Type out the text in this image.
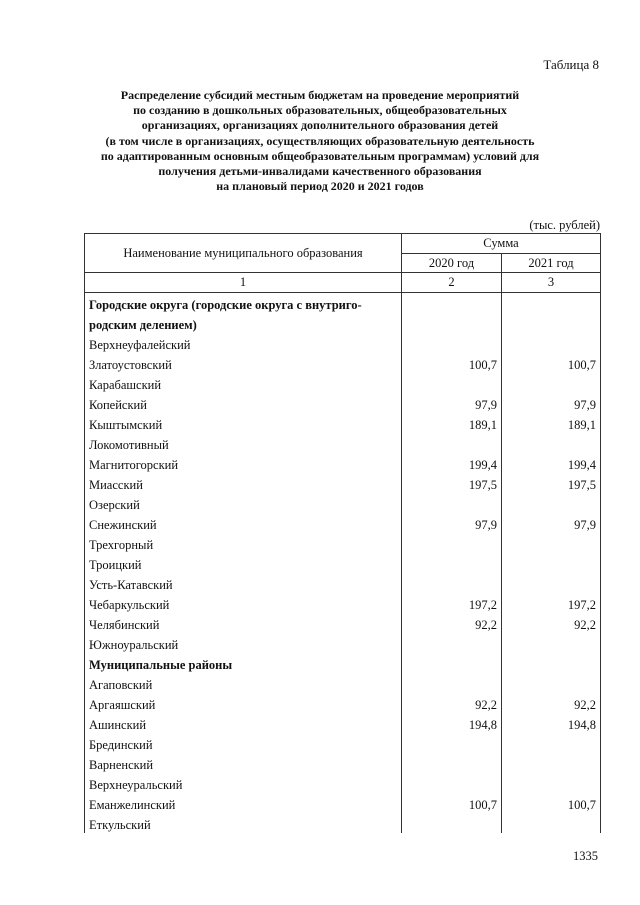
Таблица 8
Распределение субсидий местным бюджетам на проведение мероприятий
по созданию в дошкольных образовательных, общеобразовательных
организациях, организациях дополнительного образования детей
(в том числе в организациях, осуществляющих образовательную деятельность
по адаптированным основным общеобразовательным программам) условий для
получения детьми-инвалидами качественного образования
на плановый период 2020 и 2021 годов
(тыс. рублей)
Наименование муниципального образования	Сумма	
	2020 год	2021 год
1	2	3
Городские округа (городские округа с внутриго-		
родским делением)		
Верхнеуфалейский		
Златоустовский	100,7	100,7
Карабашский		
Копейский	97,9	97,9
Кыштымский	189,1	189,1
Локомотивный		
Магнитогорский	199,4	199,4
Миасский	197,5	197,5
Озерский		
Снежинский	97,9	97,9
Трехгорный		
Троицкий		
Усть-Катавский		
Чебаркульский	197,2	197,2
Челябинский	92,2	92,2
Южноуральский		
Муниципальные районы		
Агаповский		
Аргаяшский	92,2	92,2
Ашинский	194,8	194,8
Брединский		
Варненский		
Верхнеуральский		
Еманжелинский	100,7	100,7
Еткульский		
1335
